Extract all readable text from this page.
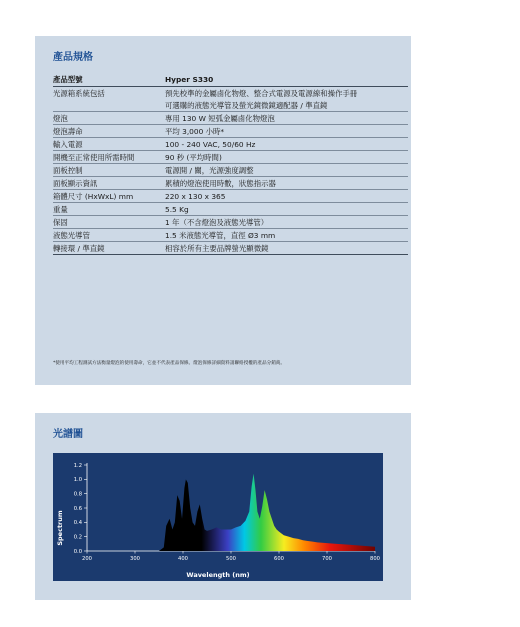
產品規格
產品型號	Hyper S330
光源箱系統包括	預先校準的金屬鹵化物燈、整合式電源及電源線和操作手冊
	可選購的液態光導管及螢光鏡微鏡適配器 / 準直鏡
燈泡	專用 130 W 短弧金屬鹵化物燈泡
燈泡壽命	平均 3,000 小時*
輸入電源	100 - 240 VAC, 50/60 Hz
開機至正常使用所需時間	90 秒 (平均時間)
面板控制	電源開 / 關，光源強度調整
面板顯示資訊	累積的燈泡使用時數，狀態指示器
箱體尺寸 (HxWxL) mm	220 x 130 x 365
重量	5.5 Kg
保固	1 年（不含燈泡及液態光導管）
液態光導管	1.5 米液態光導管，直徑 Ø3 mm
轉接環 / 準直鏡	相容於所有主要品牌螢光顯微鏡
*使用平均工程測試方法衡量燈泡的使用壽命，它並不代表產品保修。燈泡保修詳細資料請聯絡授權的產品分銷商。
光譜圖
0.0
0.2
0.4
0.6
0.8
1.0
1.2
200	300	400	500	600	700	800
Wavelength (nm)
Spectrum
